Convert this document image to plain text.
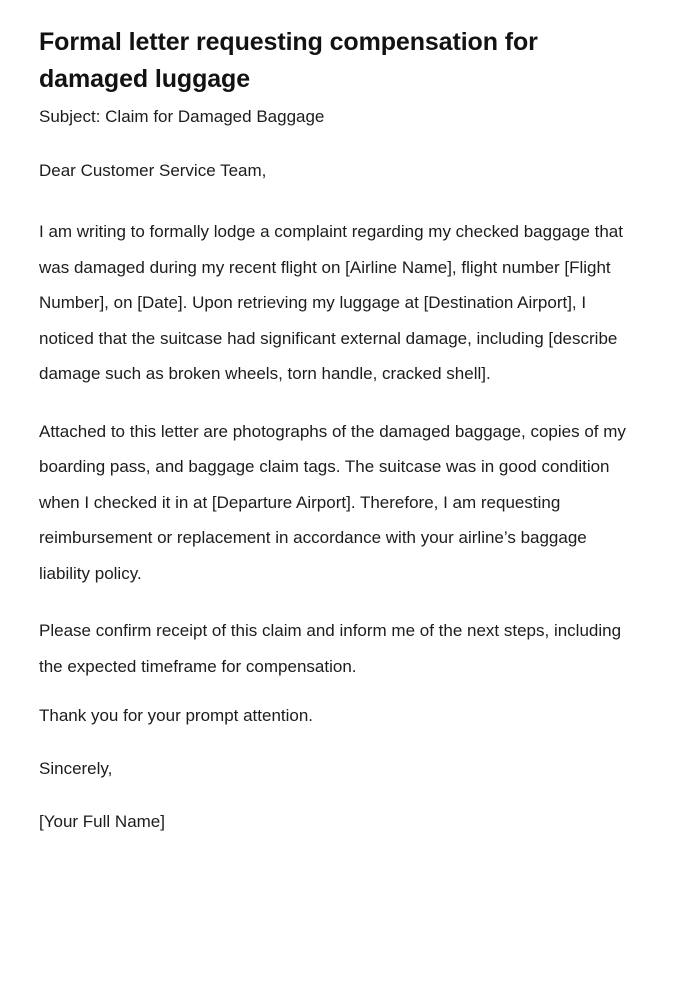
Formal letter requesting compensation for damaged luggage

Subject: Claim for Damaged Baggage

Dear Customer Service Team,

I am writing to formally lodge a complaint regarding my checked baggage that was damaged during my recent flight on [Airline Name], flight number [Flight Number], on [Date]. Upon retrieving my luggage at [Destination Airport], I noticed that the suitcase had significant external damage, including [describe damage such as broken wheels, torn handle, cracked shell].

Attached to this letter are photographs of the damaged baggage, copies of my boarding pass, and baggage claim tags. The suitcase was in good condition when I checked it in at [Departure Airport]. Therefore, I am requesting reimbursement or replacement in accordance with your airline’s baggage liability policy.

Please confirm receipt of this claim and inform me of the next steps, including the expected timeframe for compensation.

Thank you for your prompt attention.

Sincerely,

[Your Full Name]
